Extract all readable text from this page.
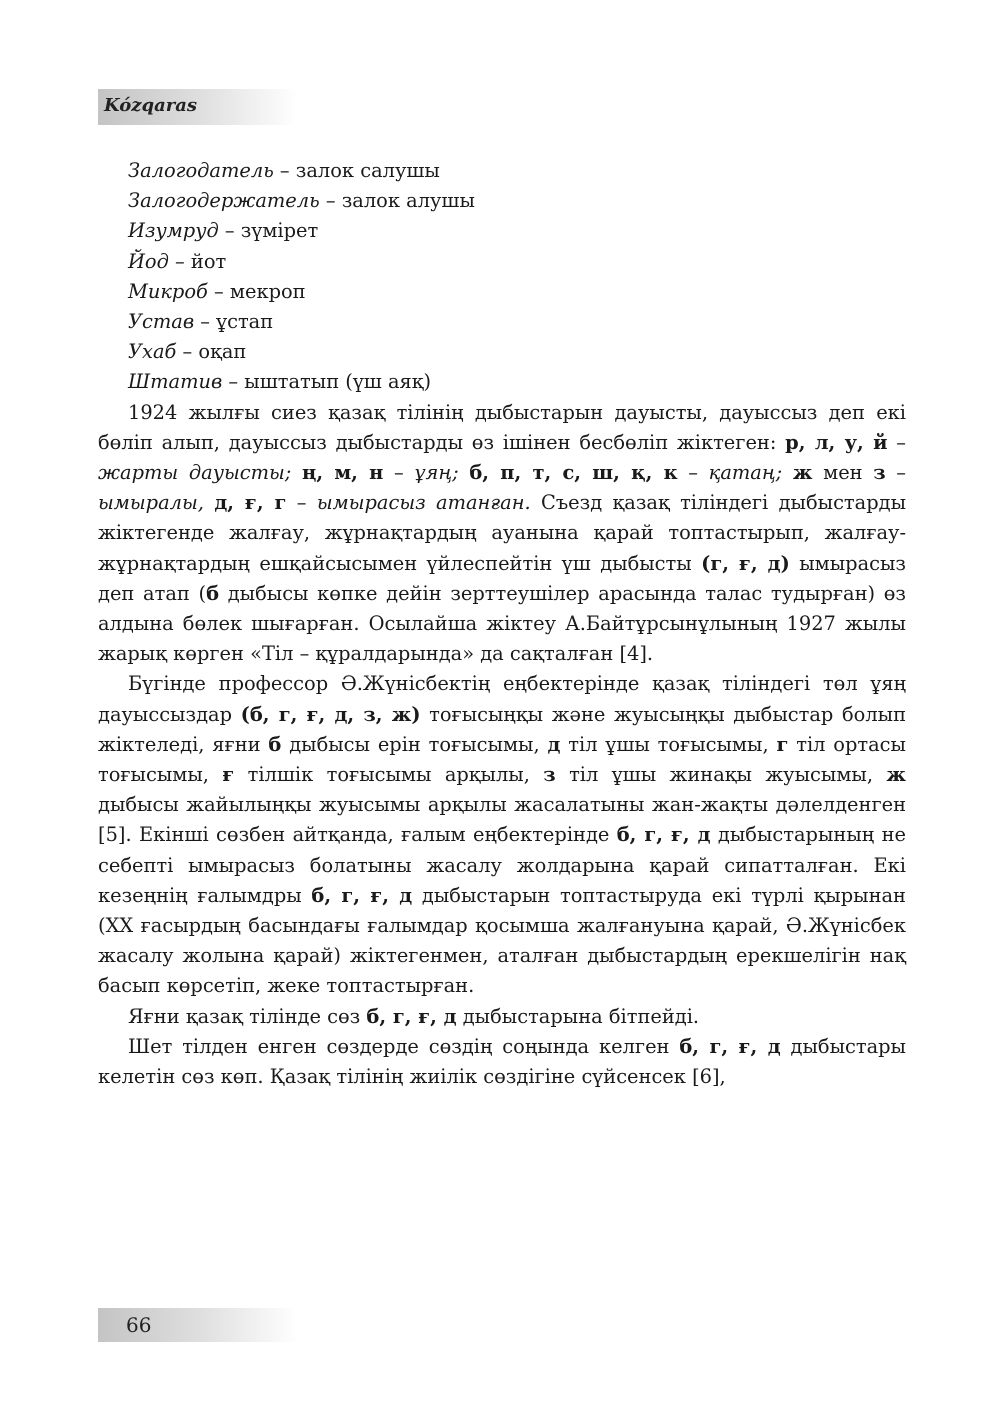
Kózqaras
Залогодатель – залок салушы
Залогодержатель – залок алушы
Изумруд – зүмірет
Йод – йот
Микроб – мекроп
Устав – ұстап
Ухаб – оқап
Штатив – ыштатып (үш аяқ)

1924 жылғы сиез қазақ тілінің дыбыстарын дауысты, дауыссыз деп екі бөліп алып, дауыссыз дыбыстарды өз ішінен бесбөліп жіктеген: р, л, у, й – жарты дауысты; ң, м, н – ұяң; б, п, т, с, ш, қ, к – қатаң; ж мен з – ымыралы, д, ғ, г – ымырасыз атанған. Съезд қазақ тіліндегі дыбыстарды жіктегенде жалғау, жұрнақтардың ауанына қарай топтастырып, жалғау-жұрнақтардың ешқайсысымен үйлеспейтін үш дыбысты (г, ғ, д) ымырасыз деп атап (б дыбысы көпке дейін зерттеушілер арасында талас тудырған) өз алдына бөлек шығарған. Осылайша жіктеу А.Байтұрсынұлының 1927 жылы жарық көрген «Тіл – құралдарында» да сақталған [4].

Бүгінде профессор Ә.Жүнісбектің еңбектерінде қазақ тіліндегі төл ұяң дауыссыздар (б, г, ғ, д, з, ж) тоғысыңқы және жуысыңқы дыбыстар болып жіктеледі, яғни б дыбысы ерін тоғысымы, д тіл ұшы тоғысымы, г тіл ортасы тоғысымы, ғ тілшік тоғысымы арқылы, з тіл ұшы жинақы жуысымы, ж дыбысы жайылыңқы жуысымы арқылы жасалатыны жан-жақты дәлелденген [5]. Екінші сөзбен айтқанда, ғалым еңбектерінде б, г, ғ, д дыбыстарының не себепті ымырасыз болатыны жасалу жолдарына қарай сипатталған. Екі кезеңнің ғалымдры б, г, ғ, д дыбыстарын топтастыруда екі түрлі қырынан (ХХ ғасырдың басындағы ғалымдар қосымша жалғануына қарай, Ә.Жүнісбек жасалу жолына қарай) жіктегенмен, аталған дыбыстардың ерекшелігін нақ басып көрсетіп, жеке топтастырған.

Яғни қазақ тілінде сөз б, г, ғ, д дыбыстарына бітпейді.

Шет тілден енген сөздерде сөздің соңында келген б, г, ғ, д дыбыстары келетін сөз көп. Қазақ тілінің жиілік сөздігіне сүйсенсек [6],

66
